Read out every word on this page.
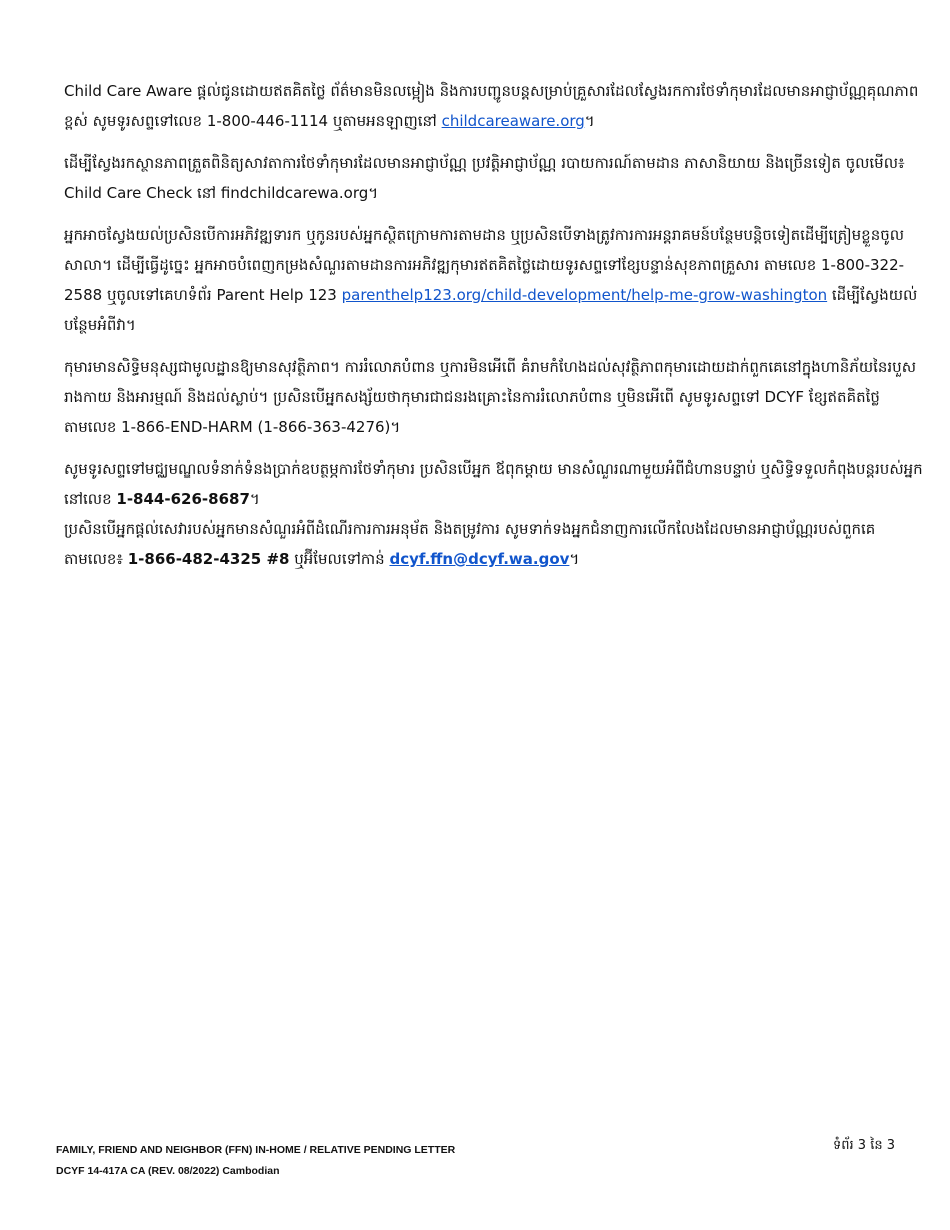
Child Care Aware ផ្តល់ជូនដោយឥតគិតថ្លៃ ព័ត៌មានមិនលម្អៀង និងការបញ្ជូនបន្តសម្រាប់គ្រួសារដែលស្វែងរកការថែទាំកុមារដែលមានអាជ្ញាប័ណ្ណគុណភាពខ្ពស់ សូមទូរសព្ទទៅលេខ 1-800-446-1114 ឬតាមអនឡាញនៅ childcareaware.org។

ដើម្បីស្វែងរកស្ថានភាពត្រួតពិនិត្យសាវតាការថែទាំកុមារដែលមានអាជ្ញាប័ណ្ណ ប្រវត្តិអាជ្ញាប័ណ្ណ របាយការណ៍តាមដាន ភាសានិយាយ និងច្រើនទៀត ចូលមើល៖ Child Care Check នៅ findchildcarewa.org។

អ្នកអាចស្វែងយល់ប្រសិនបើការអភិវឌ្ឍទារក ឬកូនរបស់អ្នកស្ថិតក្រោមការតាមដាន ឬប្រសិនបើទាងត្រូវការការអន្តរាគមន៍បន្ថែមបន្តិចទៀតដើម្បីត្រៀមខ្លួនចូលសាលា។ ដើម្បីធ្វើដូច្នេះ អ្នកអាចបំពេញកម្រងសំណួរតាមដានការអភិវឌ្ឍកុមារឥតគិតថ្លៃដោយទូរសព្ទទៅខ្សែបន្ទាន់សុខភាពគ្រួសារ តាមលេខ 1-800-322-2588 ឬចូលទៅគេហទំព័រ Parent Help 123 parenthelp123.org/child-development/help-me-grow-washington ដើម្បីស្វែងយល់បន្ថែមអំពីវា។

កុមារមានសិទ្ធិមនុស្សជាមូលដ្ឋានឱ្យមានសុវត្ថិភាព។ ការរំលោភបំពាន ឬការមិនអើពើ គំរាមកំហែងដល់សុវត្ថិភាពកុមារដោយដាក់ពួកគេនៅក្នុងហានិភ័យនៃរបួសរាងកាយ និងអារម្មណ៍ និងដល់ស្លាប់។ ប្រសិនបើអ្នកសង្ស័យថាកុមារជាជនរងគ្រោះនៃការរំលោភបំពាន ឬមិនអើពើ សូមទូរសព្ទទៅ DCYF ខ្សែឥតគិតថ្លៃ តាមលេខ 1-866-END-HARM (1-866-363-4276)។

សូមទូរសព្ទទៅមជ្ឈមណ្ឌលទំនាក់ទំនងប្រាក់ឧបត្ថម្ភការថែទាំកុមារ ប្រសិនបើអ្នក ឪពុកម្តាយ មានសំណួរណាមួយអំពីជំហានបន្ទាប់ ឬសិទ្ធិទទួលកំពុងបន្តរបស់អ្នក នៅលេខ 1-844-626-8687។

ប្រសិនបើអ្នកផ្តល់សេវារបស់អ្នកមានសំណួរអំពីដំណើរការការអនុម័ត និងតម្រូវការ សូមទាក់ទងអ្នកជំនាញការលើកលែងដែលមានអាជ្ញាប័ណ្ណរបស់ពួកគេតាមលេខ៖ 1-866-482-4325 #8 ឬអ៊ីមែលទៅកាន់ dcyf.ffn@dcyf.wa.gov។

FAMILY, FRIEND AND NEIGHBOR (FFN) IN-HOME / RELATIVE PENDING LETTER
DCYF 14-417A CA (REV. 08/2022) Cambodian
ទំព័រ 3 នៃ 3
